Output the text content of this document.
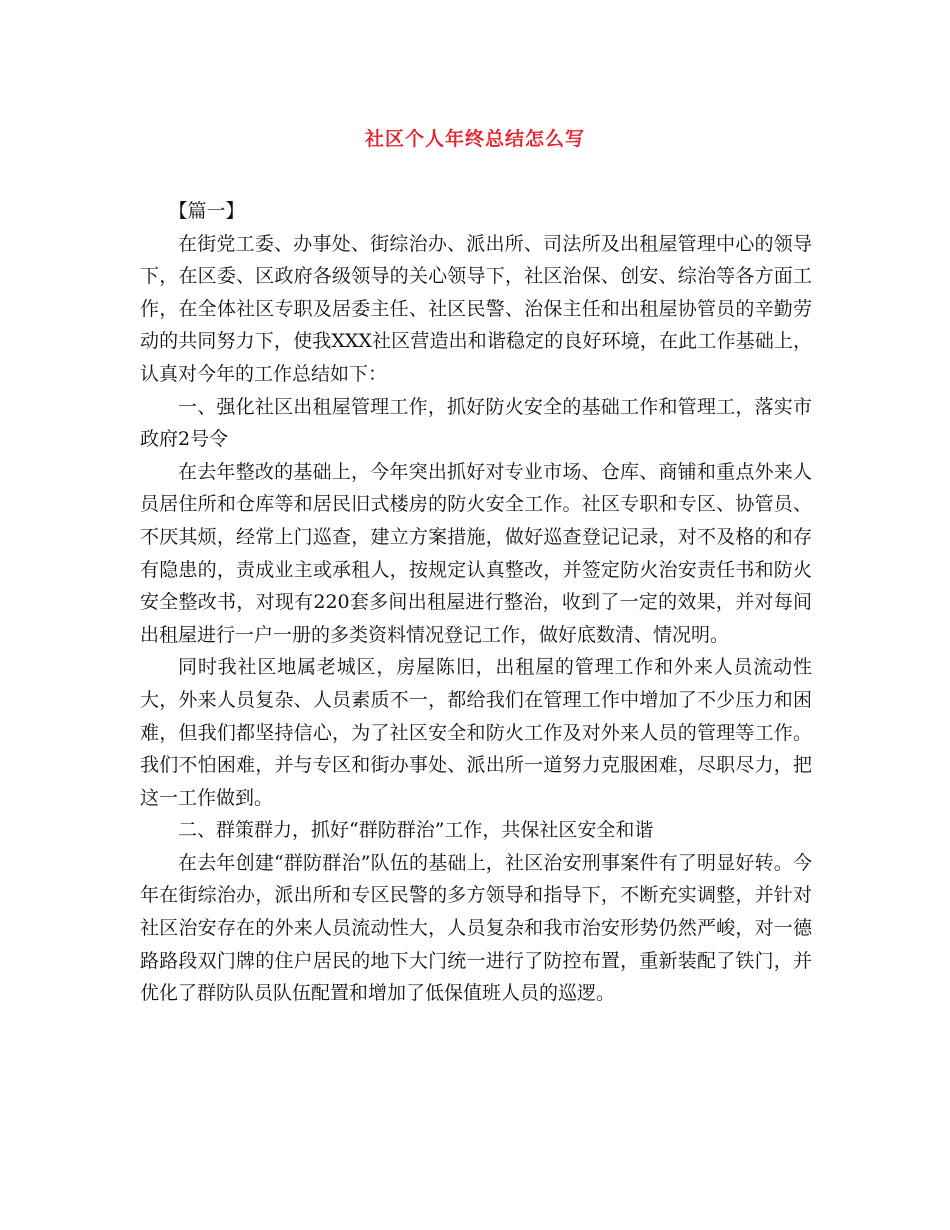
社区个人年终总结怎么写

【篇一】

在街党工委、办事处、街综治办、派出所、司法所及出租屋管理中心的领导下，在区委、区政府各级领导的关心领导下，社区治保、创安、综治等各方面工作，在全体社区专职及居委主任、社区民警、治保主任和出租屋协管员的辛勤劳动的共同努力下，使我XXX社区营造出和谐稳定的良好环境，在此工作基础上，认真对今年的工作总结如下：

一、强化社区出租屋管理工作，抓好防火安全的基础工作和管理工，落实市政府2号令

在去年整改的基础上，今年突出抓好对专业市场、仓库、商铺和重点外来人员居住所和仓库等和居民旧式楼房的防火安全工作。社区专职和专区、协管员、不厌其烦，经常上门巡查，建立方案措施，做好巡查登记记录，对不及格的和存有隐患的，责成业主或承租人，按规定认真整改，并签定防火治安责任书和防火安全整改书，对现有220套多间出租屋进行整治，收到了一定的效果，并对每间出租屋进行一户一册的多类资料情况登记工作，做好底数清、情况明。

同时我社区地属老城区，房屋陈旧，出租屋的管理工作和外来人员流动性大，外来人员复杂、人员素质不一，都给我们在管理工作中增加了不少压力和困难，但我们都坚持信心，为了社区安全和防火工作及对外来人员的管理等工作。我们不怕困难，并与专区和街办事处、派出所一道努力克服困难，尽职尽力，把这一工作做到。

二、群策群力，抓好“群防群治”工作，共保社区安全和谐

在去年创建“群防群治”队伍的基础上，社区治安刑事案件有了明显好转。今年在街综治办，派出所和专区民警的多方领导和指导下，不断充实调整，并针对社区治安存在的外来人员流动性大，人员复杂和我市治安形势仍然严峻，对一德路路段双门牌的住户居民的地下大门统一进行了防控布置，重新装配了铁门，并优化了群防队员队伍配置和增加了低保值班人员的巡逻。
